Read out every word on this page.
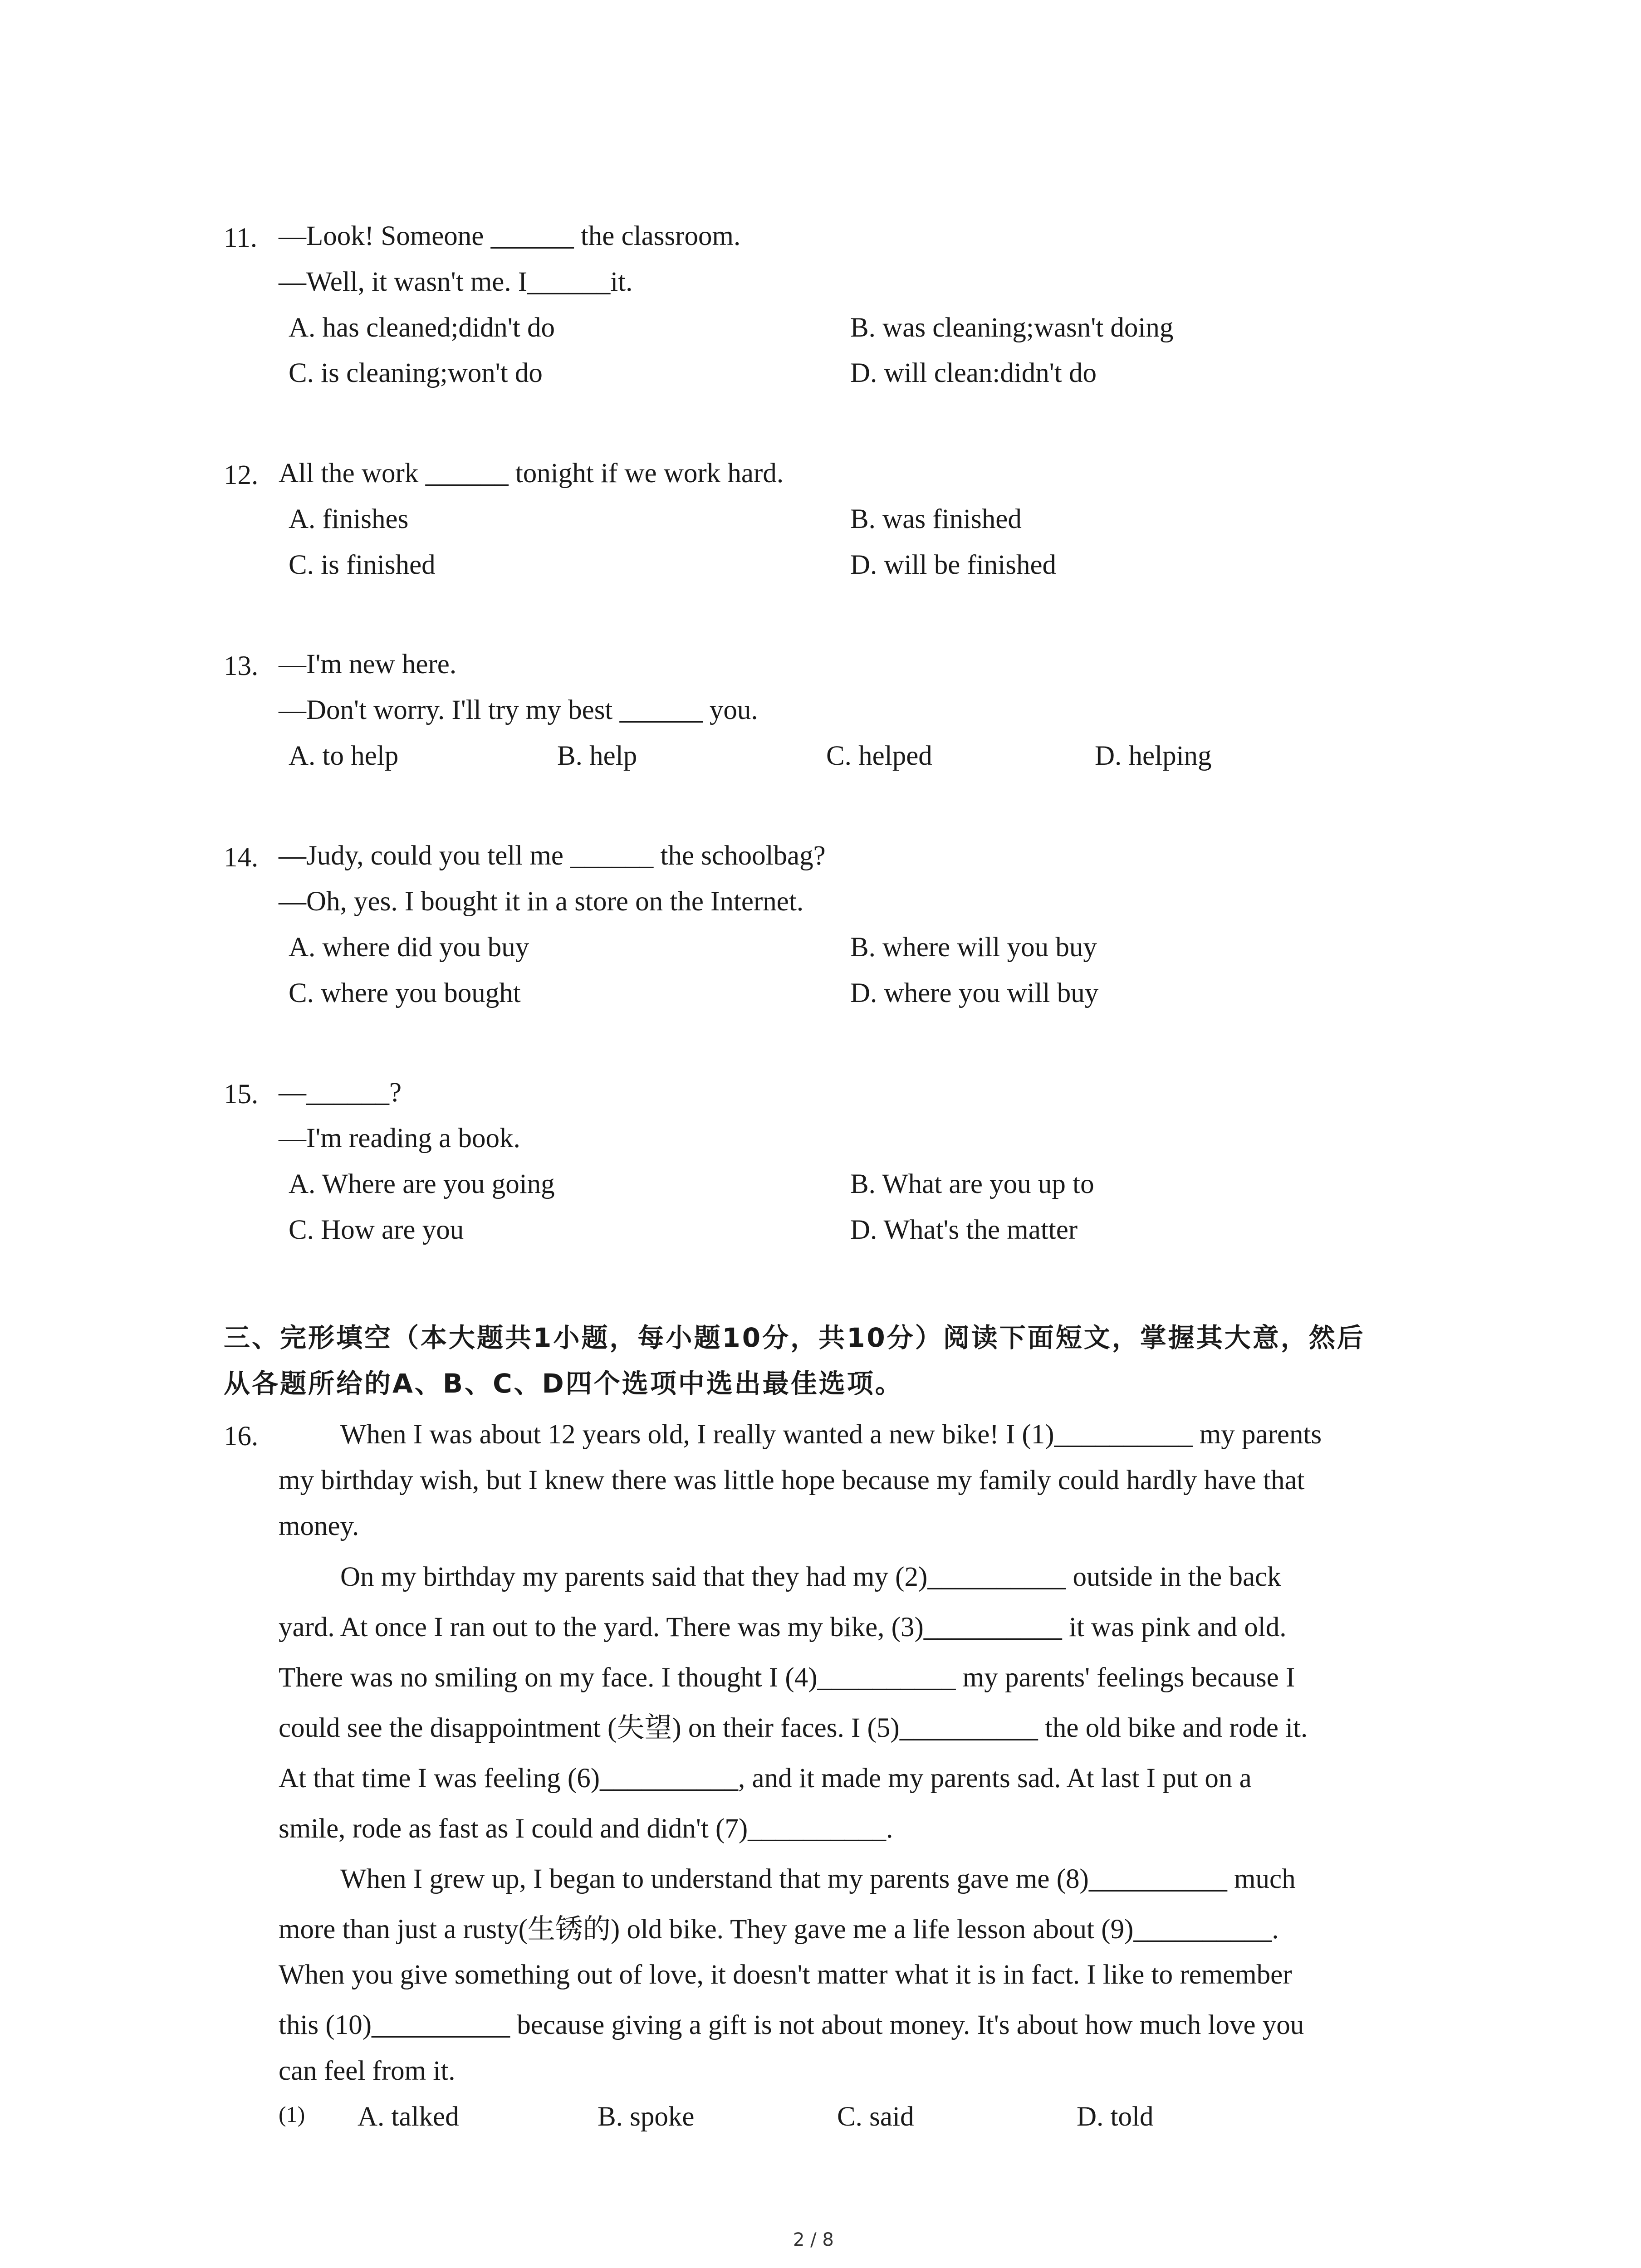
11. —Look! Someone ______ the classroom.
—Well, it wasn't me. I______it.
A. has cleaned;didn't do	B. was cleaning;wasn't doing
C. is cleaning;won't do	D. will clean:didn't do
12. All the work ______ tonight if we work hard.
A. finishes	B. was finished
C. is finished	D. will be finished
13. —I'm new here.
—Don't worry. I'll try my best ______ you.
A. to help	B. help	C. helped	D. helping
14. —Judy, could you tell me ______ the schoolbag?
—Oh, yes. I bought it in a store on the Internet.
A. where did you buy	B. where will you buy
C. where you bought	D. where you will buy
15. —______?
—I'm reading a book.
A. Where are you going	B. What are you up to
C. How are you	D. What's the matter
三、完形填空（本大题共1小题，每小题10分，共10分）阅读下面短文，掌握其大意，然后
从各题所给的A、B、C、D四个选项中选出最佳选项。
16.	When I was about 12 years old, I really wanted a new bike! I (1)__________ my parents
my birthday wish, but I knew there was little hope because my family could hardly have that
money.
On my birthday my parents said that they had my (2)__________ outside in the back
yard. At once I ran out to the yard. There was my bike, (3)__________ it was pink and old.
There was no smiling on my face. I thought I (4)__________ my parents' feelings because I
could see the disappointment (失望) on their faces. I (5)__________ the old bike and rode it.
At that time I was feeling (6)__________, and it made my parents sad. At last I put on a
smile, rode as fast as I could and didn't (7)__________.
When I grew up, I began to understand that my parents gave me (8)__________ much
more than just a rusty(生锈的) old bike. They gave me a life lesson about (9)__________.
When you give something out of love, it doesn't matter what it is in fact. I like to remember
this (10)__________ because giving a gift is not about money. It's about how much love you
can feel from it.
(1) A. talked	B. spoke	C. said	D. told
2 / 8
